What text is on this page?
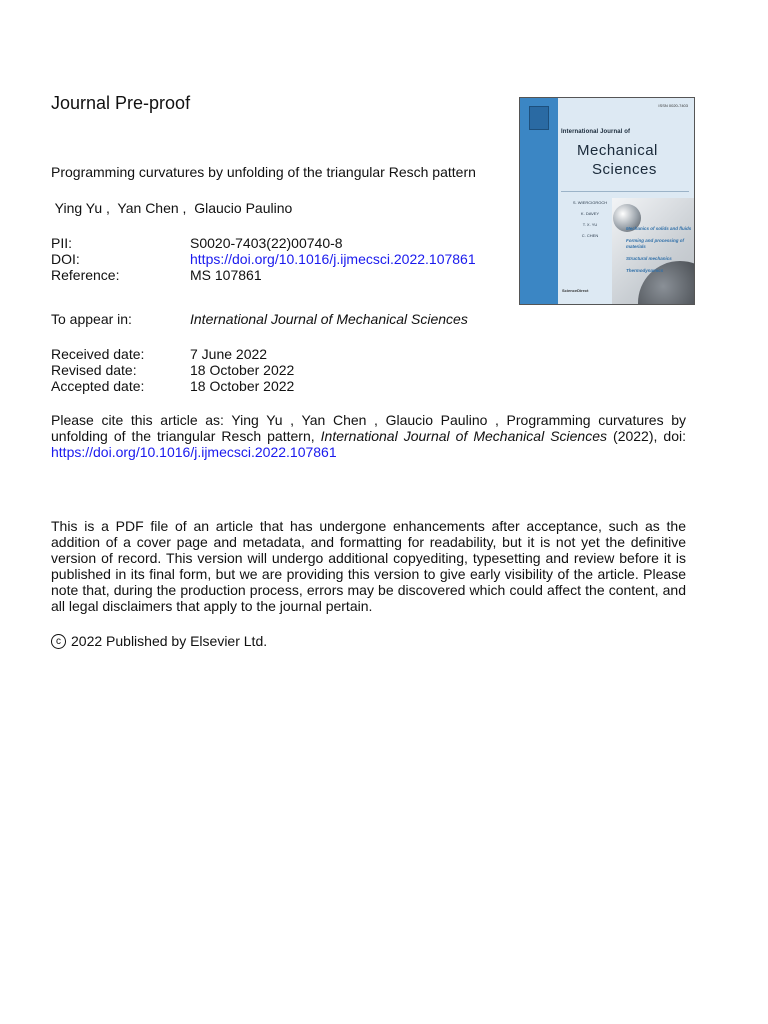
Journal Pre-proof
Programming curvatures by unfolding of the triangular Resch pattern
Ying Yu ,  Yan Chen ,  Glaucio Paulino
PII:	S0020-7403(22)00740-8
DOI:	https://doi.org/10.1016/j.ijmecsci.2022.107861
Reference:	MS 107861
To appear in:	International Journal of Mechanical Sciences
Received date:	7 June 2022
Revised date:	18 October 2022
Accepted date:	18 October 2022
Please cite this article as: Ying Yu , Yan Chen , Glaucio Paulino , Programming curvatures by unfolding of the triangular Resch pattern, International Journal of Mechanical Sciences (2022), doi: https://doi.org/10.1016/j.ijmecsci.2022.107861
This is a PDF file of an article that has undergone enhancements after acceptance, such as the addition of a cover page and metadata, and formatting for readability, but it is not yet the definitive version of record. This version will undergo additional copyediting, typesetting and review before it is published in its final form, but we are providing this version to give early visibility of the article. Please note that, during the production process, errors may be discovered which could affect the content, and all legal disclaimers that apply to the journal pertain.
c 2022 Published by Elsevier Ltd.
ISSN 0020-7403
International Journal of
Mechanical
Sciences
S. WIERCIGROCH
K. DAVEY
T. X. YU
C. CHEN
Mechanics of solids and fluids
Forming and processing of materials
Structural mechanics
Thermodynamics
ScienceDirect
